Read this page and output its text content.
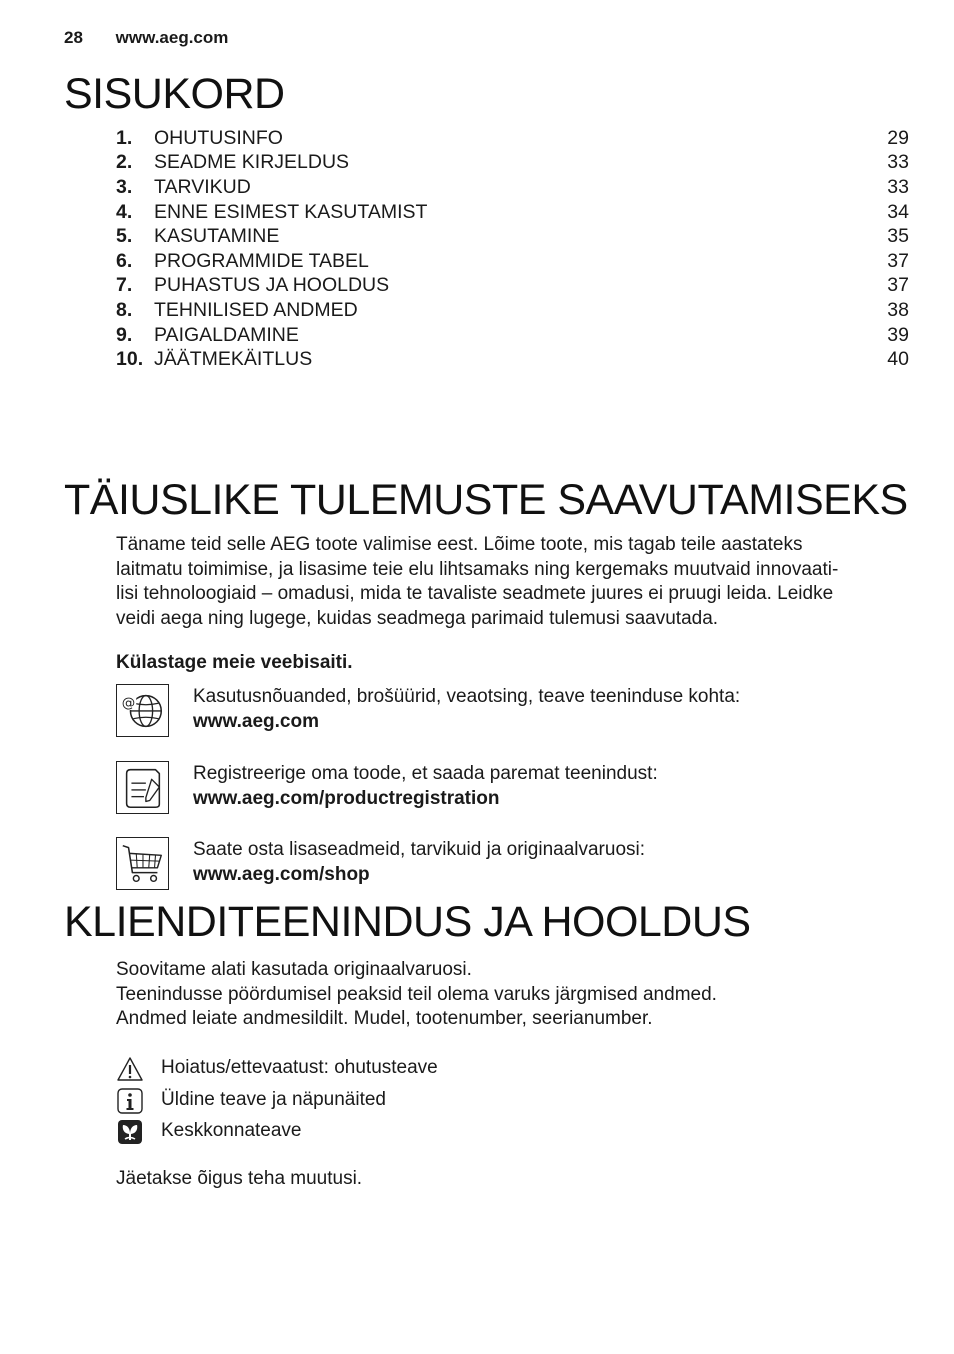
28 www.aeg.com
SISUKORD
1.	OHUTUSINFO	29
2.	SEADME KIRJELDUS	33
3.	TARVIKUD	33
4.	ENNE ESIMEST KASUTAMIST	34
5.	KASUTAMINE	35
6.	PROGRAMMIDE TABEL	37
7.	PUHASTUS JA HOOLDUS	37
8.	TEHNILISED ANDMED	38
9.	PAIGALDAMINE	39
10. JÄÄTMEKÄITLUS	40
TÄIUSLIKE TULEMUSTE SAAVUTAMISEKS
Täname teid selle AEG toote valimise eest. Lõime toote, mis tagab teile aastateks
laitmatu toimimise, ja lisasime teie elu lihtsamaks ning kergemaks muutvaid innovaati-
lisi tehnoloogiaid – omadusi, mida te tavaliste seadmete juures ei pruugi leida. Leidke
veidi aega ning lugege, kuidas seadmega parimaid tulemusi saavutada.
Külastage meie veebisaiti.
@	Kasutusnõuanded, brošüürid, veaotsing, teave teeninduse kohta:
www.aeg.com
Registreerige oma toode, et saada paremat teenindust:
www.aeg.com/productregistration
Saate osta lisaseadmeid, tarvikuid ja originaalvaruosi:
www.aeg.com/shop
KLIENDITEENINDUS JA HOOLDUS
Soovitame alati kasutada originaalvaruosi.
Teenindusse pöördumisel peaksid teil olema varuks järgmised andmed.
Andmed leiate andmesildilt. Mudel, tootenumber, seerianumber.
Hoiatus/ettevaatust: ohutusteave
Üldine teave ja näpunäited
Keskkonnateave
Jäetakse õigus teha muutusi.
